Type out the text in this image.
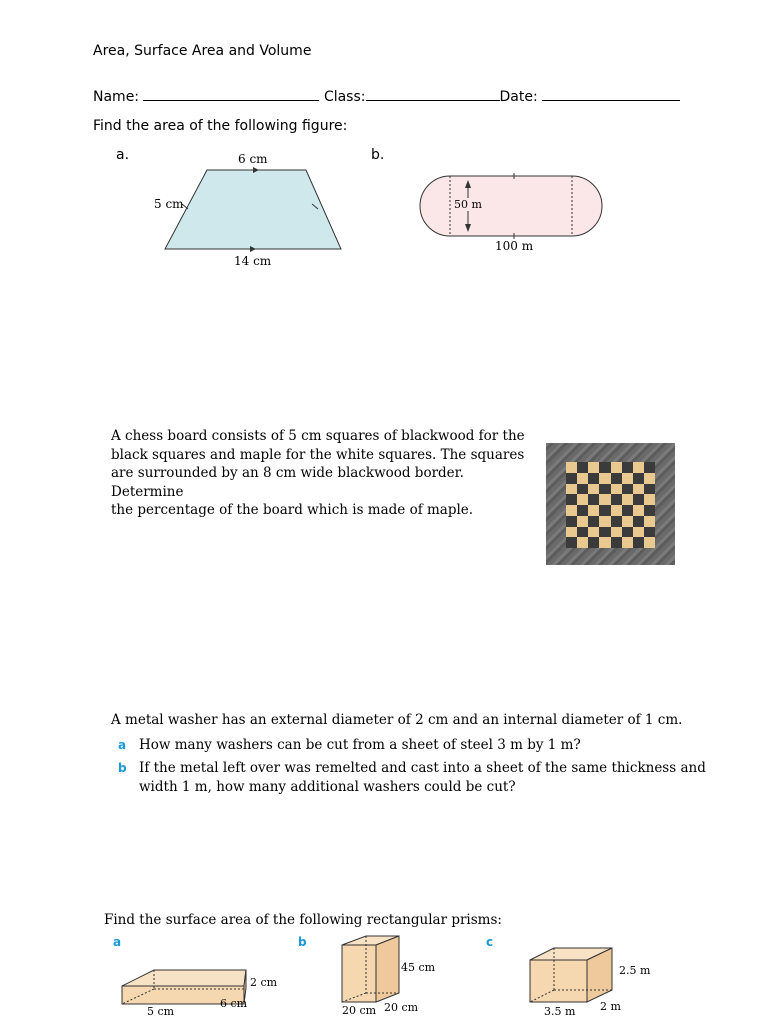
Area, Surface Area and Volume
Name:	Class:	Date:
Find the area of the following figure:
a.	6 cm
5 cm
14 cm
b.
50 m
100 m
A chess board consists of 5 cm squares of blackwood for the
black squares and maple for the white squares. The squares
are surrounded by an 8 cm wide blackwood border. Determine
the percentage of the board which is made of maple.
A metal washer has an external diameter of 2 cm and an internal diameter of 1 cm.
a How many washers can be cut from a sheet of steel 3 m by 1 m?
b If the metal left over was remelted and cast into a sheet of the same thickness and
width 1 m, how many additional washers could be cut?
Find the surface area of the following rectangular prisms:
a	b	c
2 cm
6 cm
5 cm
45 cm
20 cm 20 cm
2.5 m
2 m
3.5 m
